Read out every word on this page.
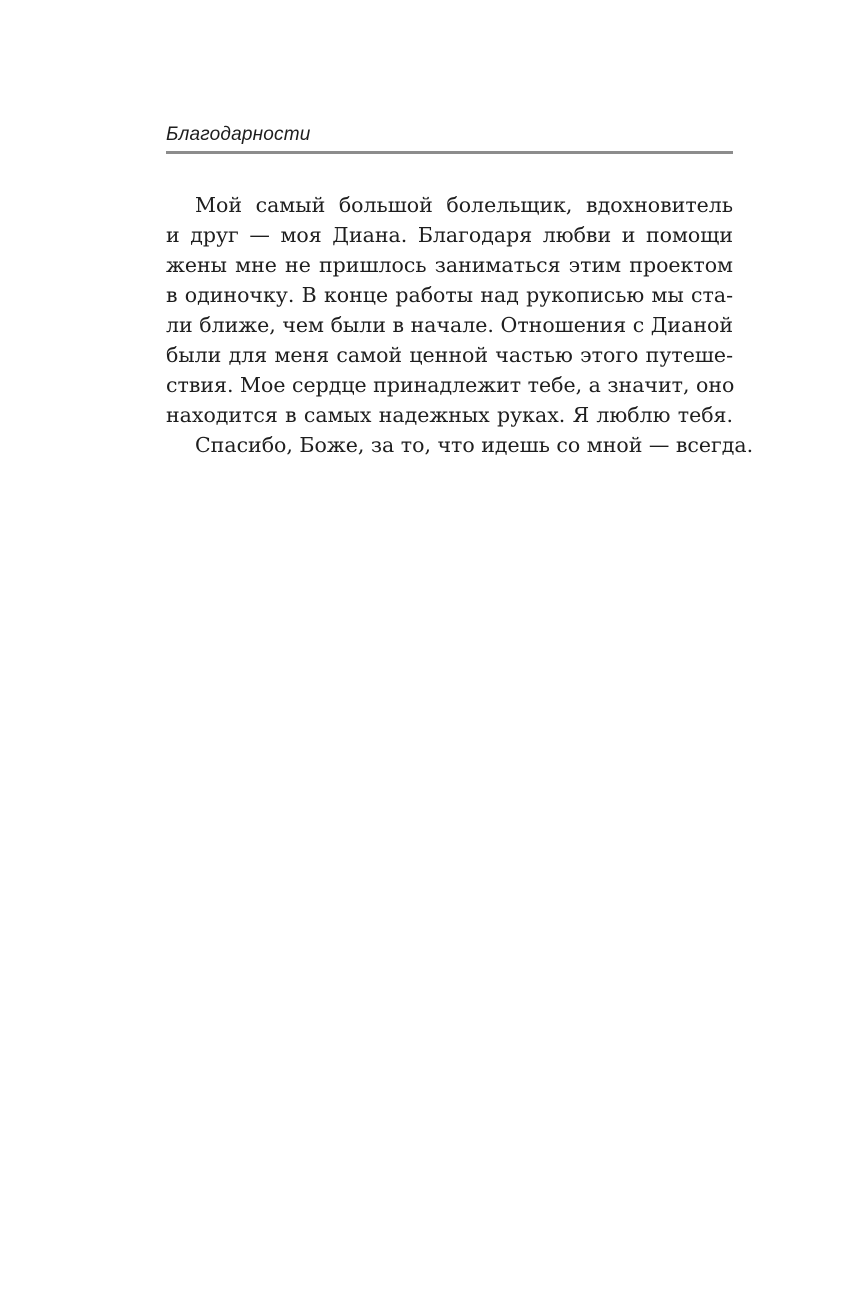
Благодарности
Мой самый большой болельщик, вдохновитель
и друг — моя Диана. Благодаря любви и помощи
жены мне не пришлось заниматься этим проектом
в одиночку. В конце работы над рукописью мы ста-
ли ближе, чем были в начале. Отношения с Дианой
были для меня самой ценной частью этого путеше-
ствия. Мое сердце принадлежит тебе, а значит, оно
находится в самых надежных руках. Я люблю тебя.
Спасибо, Боже, за то, что идешь со мной — всегда.
